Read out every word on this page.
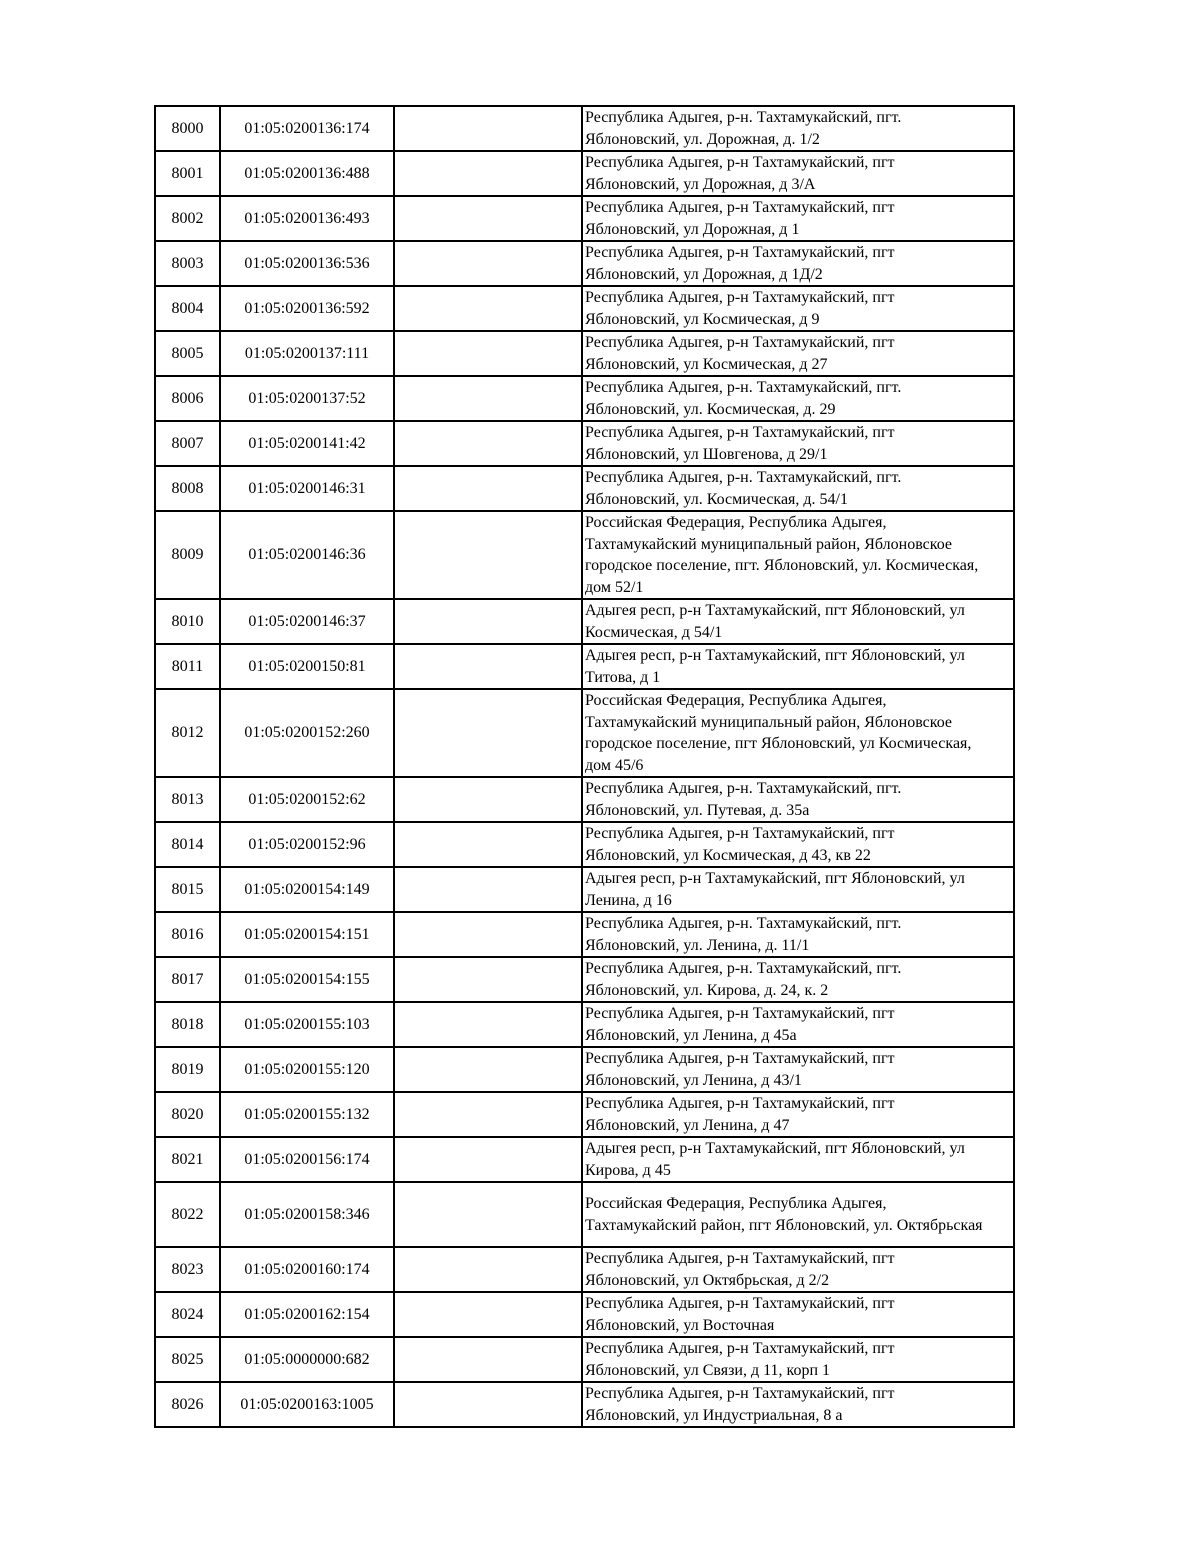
8000	01:05:0200136:174		Республика Адыгея, р-н. Тахтамукайский, пгт.
Яблоновский, ул. Дорожная, д. 1/2
8001	01:05:0200136:488		Республика Адыгея, р-н Тахтамукайский, пгт
Яблоновский, ул Дорожная, д 3/А
8002	01:05:0200136:493		Республика Адыгея, р-н Тахтамукайский, пгт
Яблоновский, ул Дорожная, д 1
8003	01:05:0200136:536		Республика Адыгея, р-н Тахтамукайский, пгт
Яблоновский, ул Дорожная, д 1Д/2
8004	01:05:0200136:592		Республика Адыгея, р-н Тахтамукайский, пгт
Яблоновский, ул Космическая, д 9
8005	01:05:0200137:111		Республика Адыгея, р-н Тахтамукайский, пгт
Яблоновский, ул Космическая, д 27
8006	01:05:0200137:52		Республика Адыгея, р-н. Тахтамукайский, пгт.
Яблоновский, ул. Космическая, д. 29
8007	01:05:0200141:42		Республика Адыгея, р-н Тахтамукайский, пгт
Яблоновский, ул Шовгенова, д 29/1
8008	01:05:0200146:31		Республика Адыгея, р-н. Тахтамукайский, пгт.
Яблоновский, ул. Космическая, д. 54/1
8009	01:05:0200146:36		Российская Федерация, Республика Адыгея,
Тахтамукайский муниципальный район, Яблоновское
городское поселение, пгт. Яблоновский, ул. Космическая,
дом 52/1
8010	01:05:0200146:37		Адыгея респ, р-н Тахтамукайский, пгт Яблоновский, ул
Космическая, д 54/1
8011	01:05:0200150:81		Адыгея респ, р-н Тахтамукайский, пгт Яблоновский, ул
Титова, д 1
8012	01:05:0200152:260		Российская Федерация, Республика Адыгея,
Тахтамукайский муниципальный район, Яблоновское
городское поселение, пгт Яблоновский, ул Космическая,
дом 45/6
8013	01:05:0200152:62		Республика Адыгея, р-н. Тахтамукайский, пгт.
Яблоновский, ул. Путевая, д. 35а
8014	01:05:0200152:96		Республика Адыгея, р-н Тахтамукайский, пгт
Яблоновский, ул Космическая, д 43, кв 22
8015	01:05:0200154:149		Адыгея респ, р-н Тахтамукайский, пгт Яблоновский, ул
Ленина, д 16
8016	01:05:0200154:151		Республика Адыгея, р-н. Тахтамукайский, пгт.
Яблоновский, ул. Ленина, д. 11/1
8017	01:05:0200154:155		Республика Адыгея, р-н. Тахтамукайский, пгт.
Яблоновский, ул. Кирова, д. 24, к. 2
8018	01:05:0200155:103		Республика Адыгея, р-н Тахтамукайский, пгт
Яблоновский, ул Ленина, д 45а
8019	01:05:0200155:120		Республика Адыгея, р-н Тахтамукайский, пгт
Яблоновский, ул Ленина, д 43/1
8020	01:05:0200155:132		Республика Адыгея, р-н Тахтамукайский, пгт
Яблоновский, ул Ленина, д 47
8021	01:05:0200156:174		Адыгея респ, р-н Тахтамукайский, пгт Яблоновский, ул
Кирова, д 45
8022	01:05:0200158:346		Российская Федерация, Республика Адыгея,
Тахтамукайский район, пгт Яблоновский, ул. Октябрьская
8023	01:05:0200160:174		Республика Адыгея, р-н Тахтамукайский, пгт
Яблоновский, ул Октябрьская, д 2/2
8024	01:05:0200162:154		Республика Адыгея, р-н Тахтамукайский, пгт
Яблоновский, ул Восточная
8025	01:05:0000000:682		Республика Адыгея, р-н Тахтамукайский, пгт
Яблоновский, ул Связи, д 11, корп 1
8026	01:05:0200163:1005		Республика Адыгея, р-н Тахтамукайский, пгт
Яблоновский, ул Индустриальная, 8 а
